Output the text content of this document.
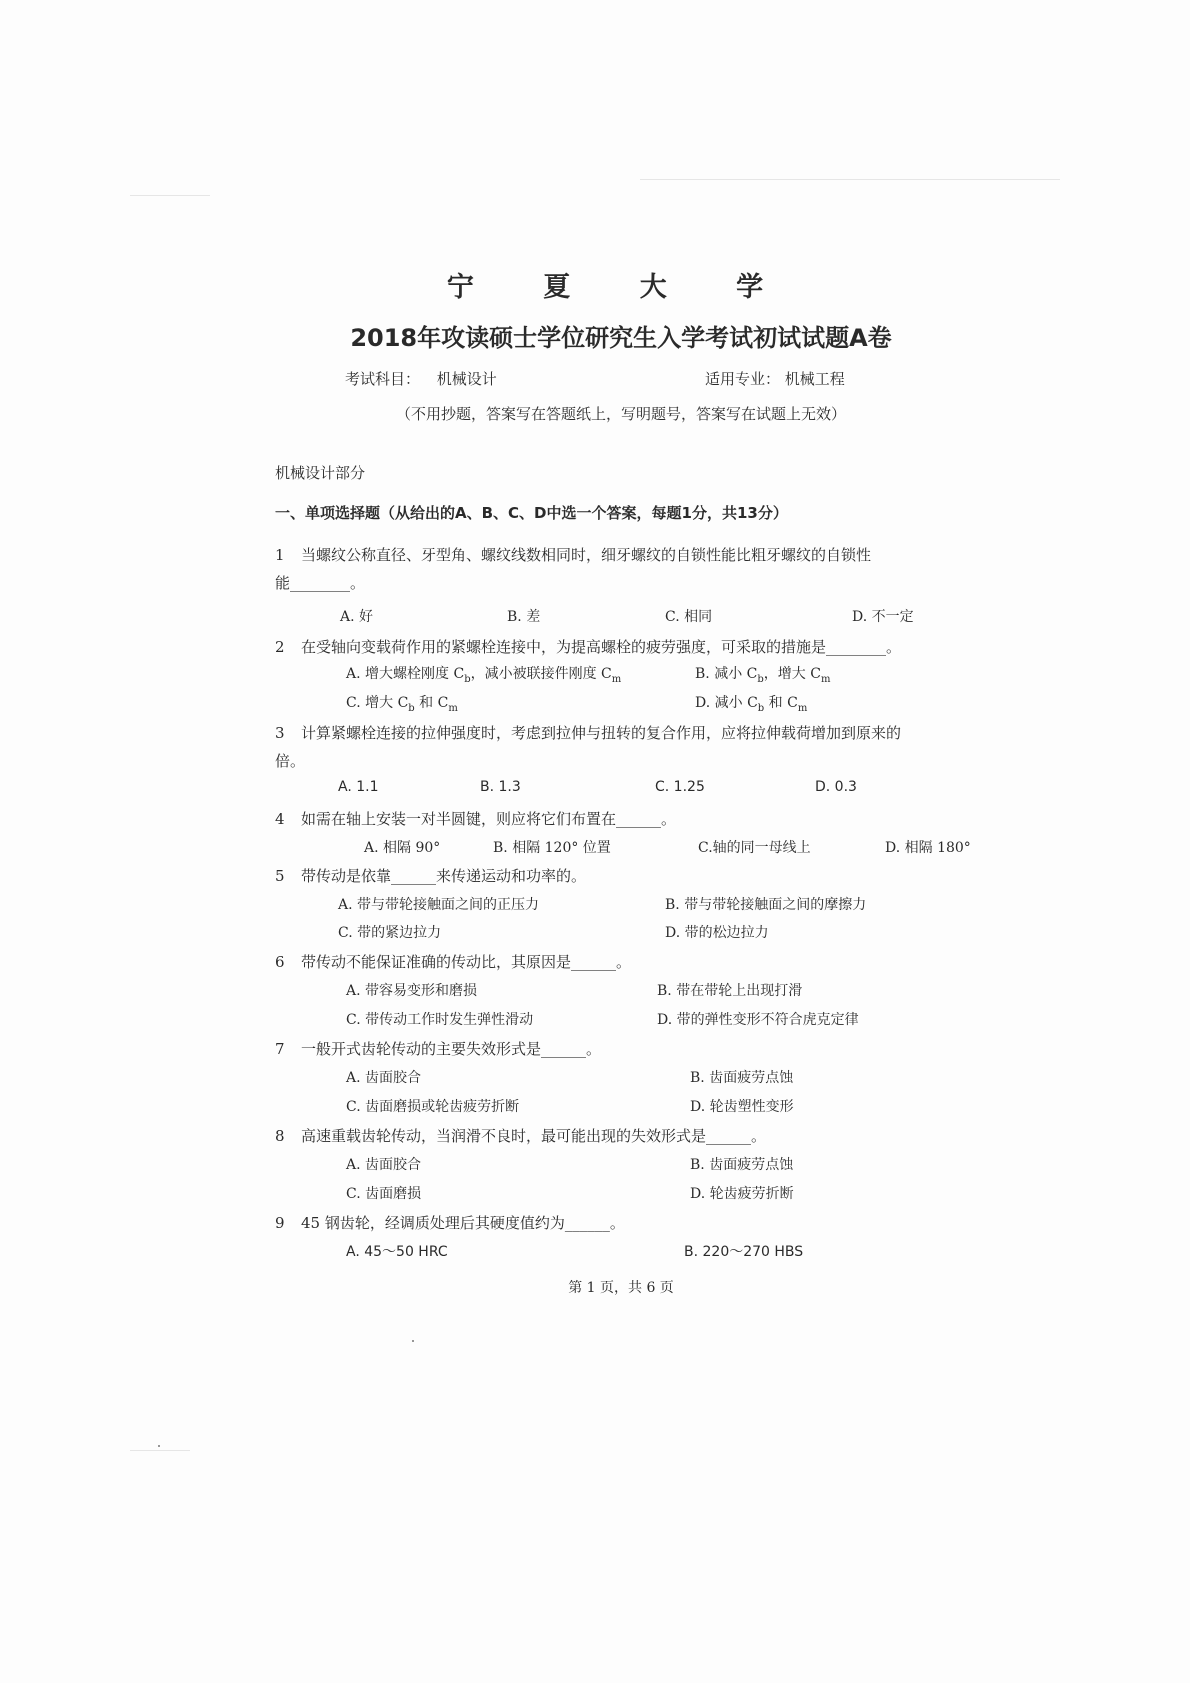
宁 夏 大 学
2018年攻读硕士学位研究生入学考试初试试题A卷
考试科目： 机械设计	适用专业： 机械工程
（不用抄题，答案写在答题纸上，写明题号，答案写在试题上无效）
机械设计部分
一、单项选择题（从给出的A、B、C、D中选一个答案，每题1分，共13分）
1 当螺纹公称直径、牙型角、螺纹线数相同时，细牙螺纹的自锁性能比粗牙螺纹的自锁性
能________。
A. 好	B. 差	C. 相同	D. 不一定
2 在受轴向变载荷作用的紧螺栓连接中，为提高螺栓的疲劳强度，可采取的措施是________。
A. 增大螺栓刚度 $C_b$，减小被联接件刚度 $C_m$	B. 减小 $C_b$，增大 $C_m$
C. 增大 $C_b$ 和 $C_m$	D. 减小 $C_b$ 和 $C_m$
3 计算紧螺栓连接的拉伸强度时，考虑到拉伸与扭转的复合作用，应将拉伸载荷增加到原来的
倍。
A. 1.1	B. 1.3	C. 1.25	D. 0.3
4 如需在轴上安装一对半圆键，则应将它们布置在______。
A. 相隔 90°	B. 相隔 120° 位置	C.轴的同一母线上	D. 相隔 180°
5 带传动是依靠______来传递运动和功率的。
A. 带与带轮接触面之间的正压力	B. 带与带轮接触面之间的摩擦力
C. 带的紧边拉力	D. 带的松边拉力
6 带传动不能保证准确的传动比，其原因是______。
A. 带容易变形和磨损	B. 带在带轮上出现打滑
C. 带传动工作时发生弹性滑动	D. 带的弹性变形不符合虎克定律
7 一般开式齿轮传动的主要失效形式是______。
A. 齿面胶合	B. 齿面疲劳点蚀
C. 齿面磨损或轮齿疲劳折断	D. 轮齿塑性变形
8 高速重载齿轮传动，当润滑不良时，最可能出现的失效形式是______。
A. 齿面胶合	B. 齿面疲劳点蚀
C. 齿面磨损	D. 轮齿疲劳折断
9 45 钢齿轮，经调质处理后其硬度值约为______。
A. 45～50 HRC	B. 220～270 HBS
第 1 页，共 6 页
